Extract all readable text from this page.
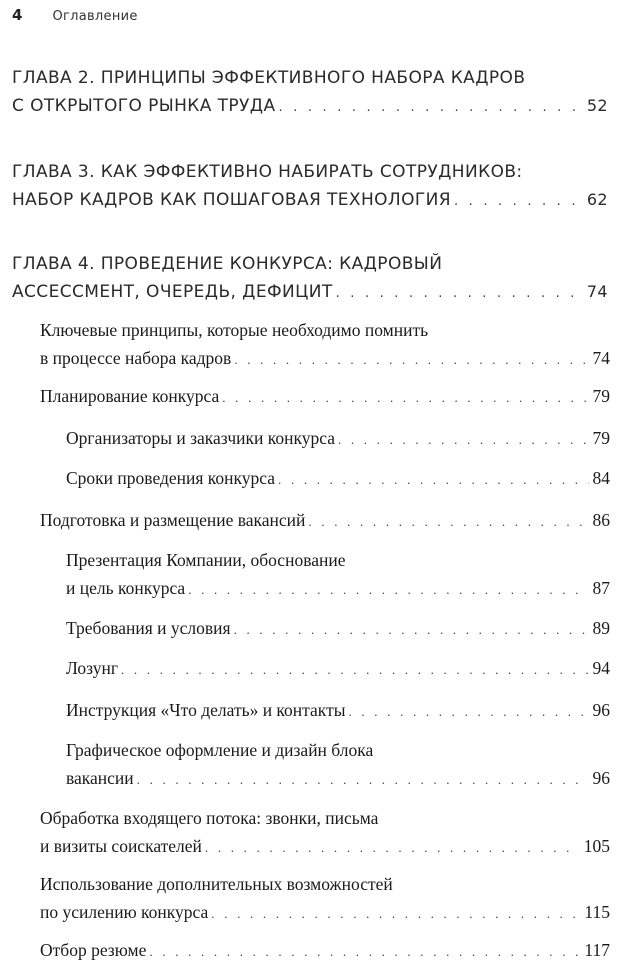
4 Оглавление
ГЛАВА 2. ПРИНЦИПЫ ЭФФЕКТИВНОГО НАБОРА КАДРОВ
С ОТКРЫТОГО РЫНКА ТРУДА . . .	52
ГЛАВА 3. КАК ЭФФЕКТИВНО НАБИРАТЬ СОТРУДНИКОВ:
НАБОР КАДРОВ КАК ПОШАГОВАЯ ТЕХНОЛОГИЯ . . .	62
ГЛАВА 4. ПРОВЕДЕНИЕ КОНКУРСА: КАДРОВЫЙ
АССЕССМЕНТ, ОЧЕРЕДЬ, ДЕФИЦИТ . . .	74
Ключевые принципы, которые необходимо помнить
в процессе набора кадров . . .	74
Планирование конкурса . . .	79
Организаторы и заказчики конкурса . . .	79
Сроки проведения конкурса . . .	84
Подготовка и размещение вакансий . . .	86
Презентация Компании, обоснование
и цель конкурса . . .	87
Требования и условия . . .	89
Лозунг . . .	94
Инструкция «Что делать» и контакты . . .	96
Графическое оформление и дизайн блока
вакансии . . .	96
Обработка входящего потока: звонки, письма
и визиты соискателей . . .	105
Использование дополнительных возможностей
по усилению конкурса . . .	115
Отбор резюме . . .	117
